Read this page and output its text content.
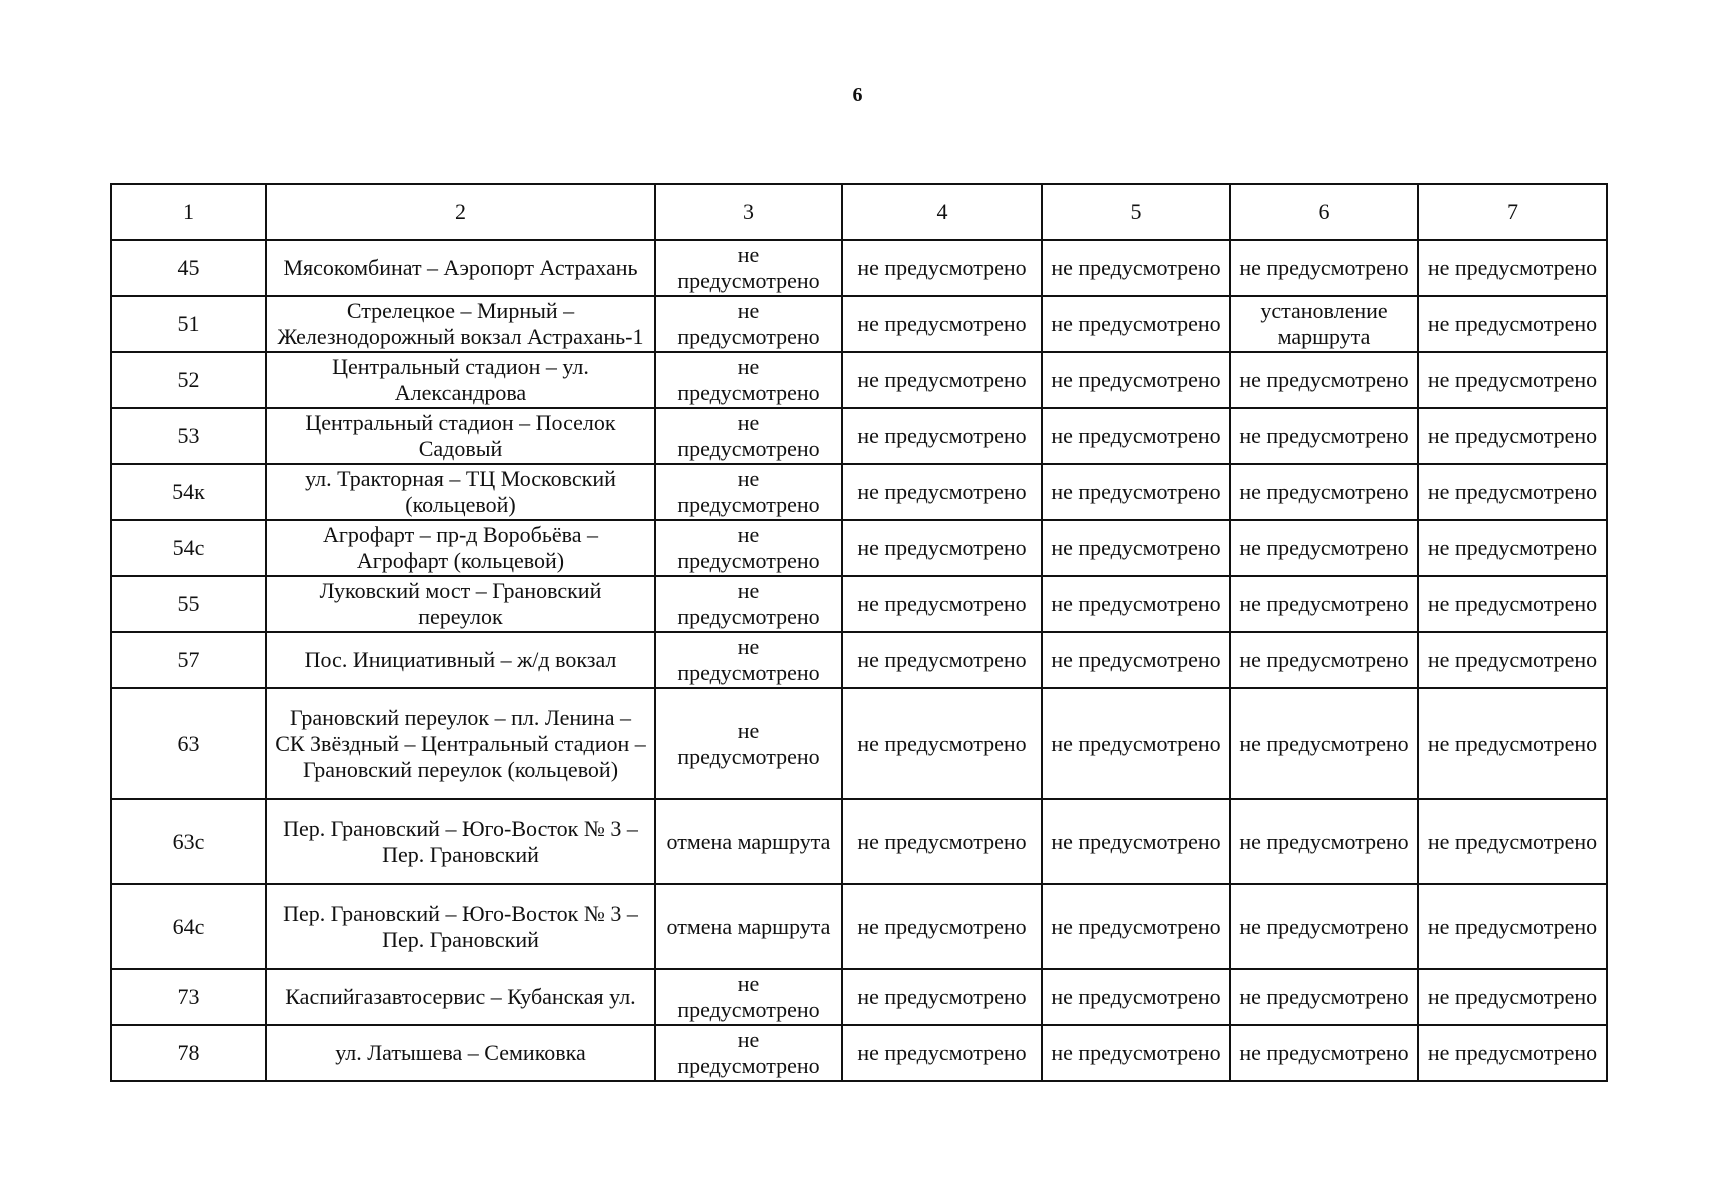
6
1	2	3	4	5	6	7
45	Мясокомбинат – Аэропорт Астрахань	не предусмотрено	не предусмотрено	не предусмотрено	не предусмотрено	не предусмотрено
51	Стрелецкое – Мирный – Железнодорожный вокзал Астрахань-1	не предусмотрено	не предусмотрено	не предусмотрено	установление маршрута	не предусмотрено
52	Центральный стадион – ул. Александрова	не предусмотрено	не предусмотрено	не предусмотрено	не предусмотрено	не предусмотрено
53	Центральный стадион – Поселок Садовый	не предусмотрено	не предусмотрено	не предусмотрено	не предусмотрено	не предусмотрено
54к	ул. Тракторная – ТЦ Московский (кольцевой)	не предусмотрено	не предусмотрено	не предусмотрено	не предусмотрено	не предусмотрено
54с	Агрофарт – пр-д Воробьёва – Агрофарт (кольцевой)	не предусмотрено	не предусмотрено	не предусмотрено	не предусмотрено	не предусмотрено
55	Луковский мост – Грановский переулок	не предусмотрено	не предусмотрено	не предусмотрено	не предусмотрено	не предусмотрено
57	Пос. Инициативный – ж/д вокзал	не предусмотрено	не предусмотрено	не предусмотрено	не предусмотрено	не предусмотрено
63	Грановский переулок – пл. Ленина – СК Звёздный – Центральный стадион – Грановский переулок (кольцевой)	не предусмотрено	не предусмотрено	не предусмотрено	не предусмотрено	не предусмотрено
63с	Пер. Грановский – Юго-Восток № 3 – Пер. Грановский	отмена маршрута	не предусмотрено	не предусмотрено	не предусмотрено	не предусмотрено
64с	Пер. Грановский – Юго-Восток № 3 – Пер. Грановский	отмена маршрута	не предусмотрено	не предусмотрено	не предусмотрено	не предусмотрено
73	Каспийгазавтосервис – Кубанская ул.	не предусмотрено	не предусмотрено	не предусмотрено	не предусмотрено	не предусмотрено
78	ул. Латышева – Семиковка	не предусмотрено	не предусмотрено	не предусмотрено	не предусмотрено	не предусмотрено
